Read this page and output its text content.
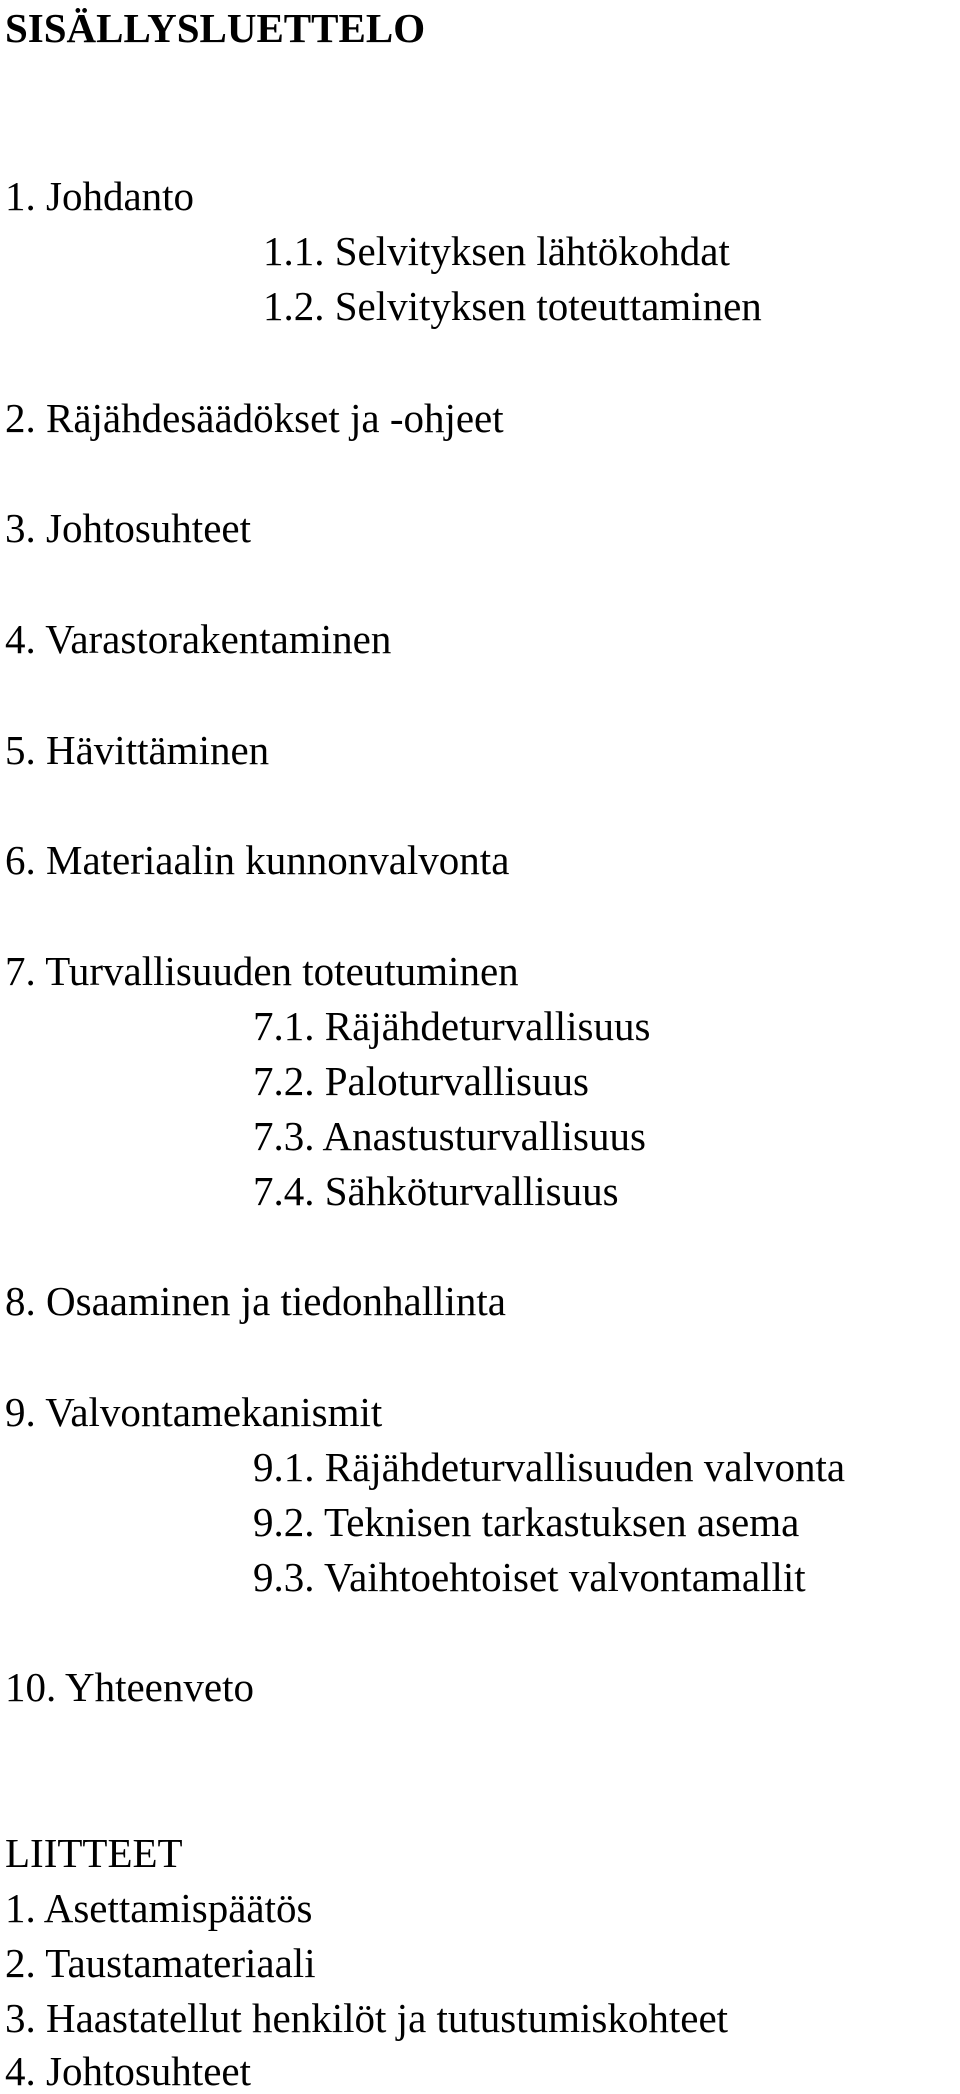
SISÄLLYSLUETTELO
1. Johdanto
1.1. Selvityksen lähtökohdat
1.2. Selvityksen toteuttaminen
2. Räjähdesäädökset ja -ohjeet
3. Johtosuhteet
4. Varastorakentaminen
5. Hävittäminen
6. Materiaalin kunnonvalvonta
7. Turvallisuuden toteutuminen
7.1. Räjähdeturvallisuus
7.2. Paloturvallisuus
7.3. Anastusturvallisuus
7.4. Sähköturvallisuus
8. Osaaminen ja tiedonhallinta
9. Valvontamekanismit
9.1. Räjähdeturvallisuuden valvonta
9.2. Teknisen tarkastuksen asema
9.3. Vaihtoehtoiset valvontamallit
10. Yhteenveto
LIITTEET
1. Asettamispäätös
2. Taustamateriaali
3. Haastatellut henkilöt ja tutustumiskohteet
4. Johtosuhteet
